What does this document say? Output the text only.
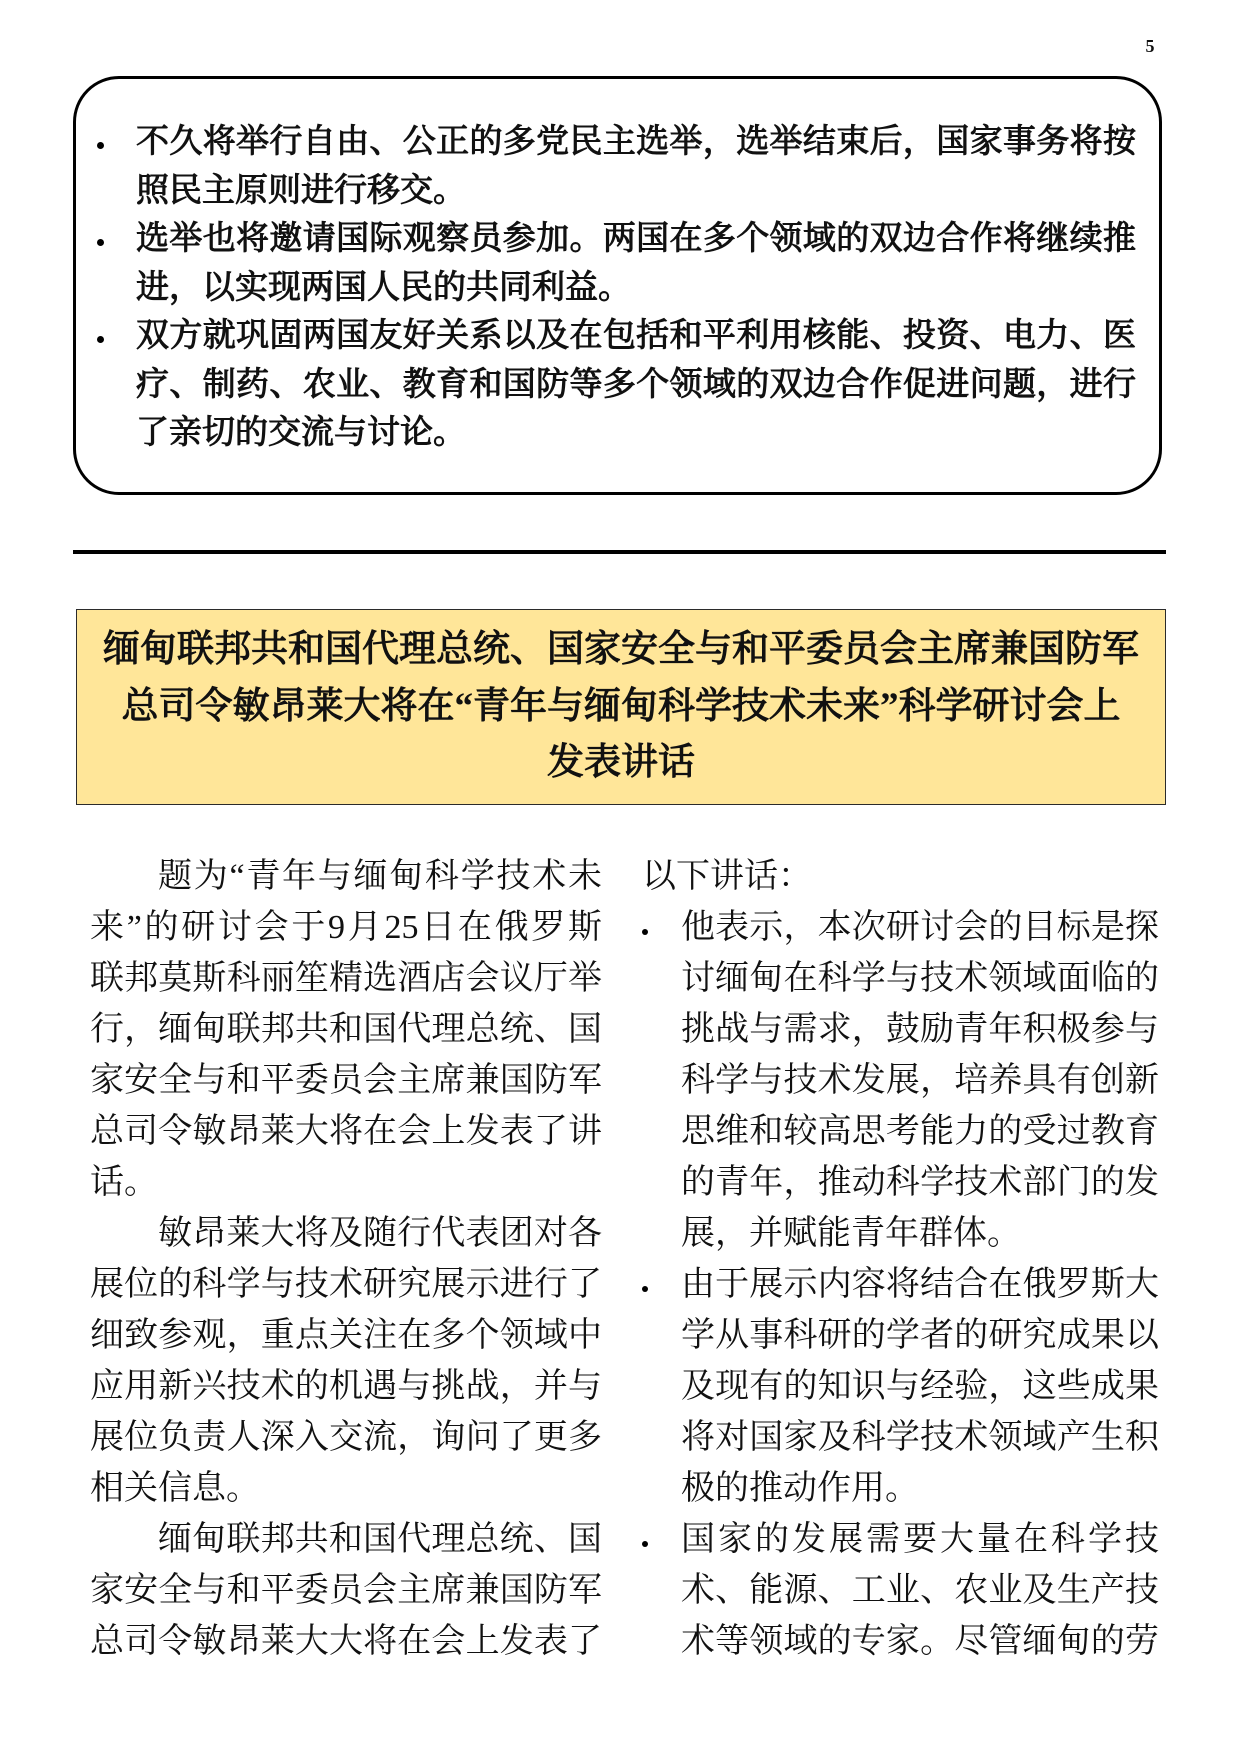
5
不久将举行自由、公正的多党民主选举，选举结束后，国家事务将按
照民主原则进行移交。
选举也将邀请国际观察员参加。两国在多个领域的双边合作将继续推
进，以实现两国人民的共同利益。
双方就巩固两国友好关系以及在包括和平利用核能、投资、电力、医
疗、制药、农业、教育和国防等多个领域的双边合作促进问题，进行
了亲切的交流与讨论。
缅甸联邦共和国代理总统、国家安全与和平委员会主席兼国防军
总司令敏昂莱大将在“青年与缅甸科学技术未来”科学研讨会上
发表讲话

题为“青年与缅甸科学技术未
来”的研讨会于9月25日在俄罗斯
联邦莫斯科丽笙精选酒店会议厅举
行，缅甸联邦共和国代理总统、国
家安全与和平委员会主席兼国防军
总司令敏昂莱大将在会上发表了讲
话。

敏昂莱大将及随行代表团对各
展位的科学与技术研究展示进行了
细致参观，重点关注在多个领域中
应用新兴技术的机遇与挑战，并与
展位负责人深入交流，询问了更多
相关信息。

缅甸联邦共和国代理总统、国
家安全与和平委员会主席兼国防军
总司令敏昂莱大大将在会上发表了

以下讲话：
他表示，本次研讨会的目标是探
讨缅甸在科学与技术领域面临的
挑战与需求，鼓励青年积极参与
科学与技术发展，培养具有创新
思维和较高思考能力的受过教育
的青年，推动科学技术部门的发
展，并赋能青年群体。
由于展示内容将结合在俄罗斯大
学从事科研的学者的研究成果以
及现有的知识与经验，这些成果
将对国家及科学技术领域产生积
极的推动作用。
国家的发展需要大量在科学技
术、能源、工业、农业及生产技
术等领域的专家。尽管缅甸的劳
